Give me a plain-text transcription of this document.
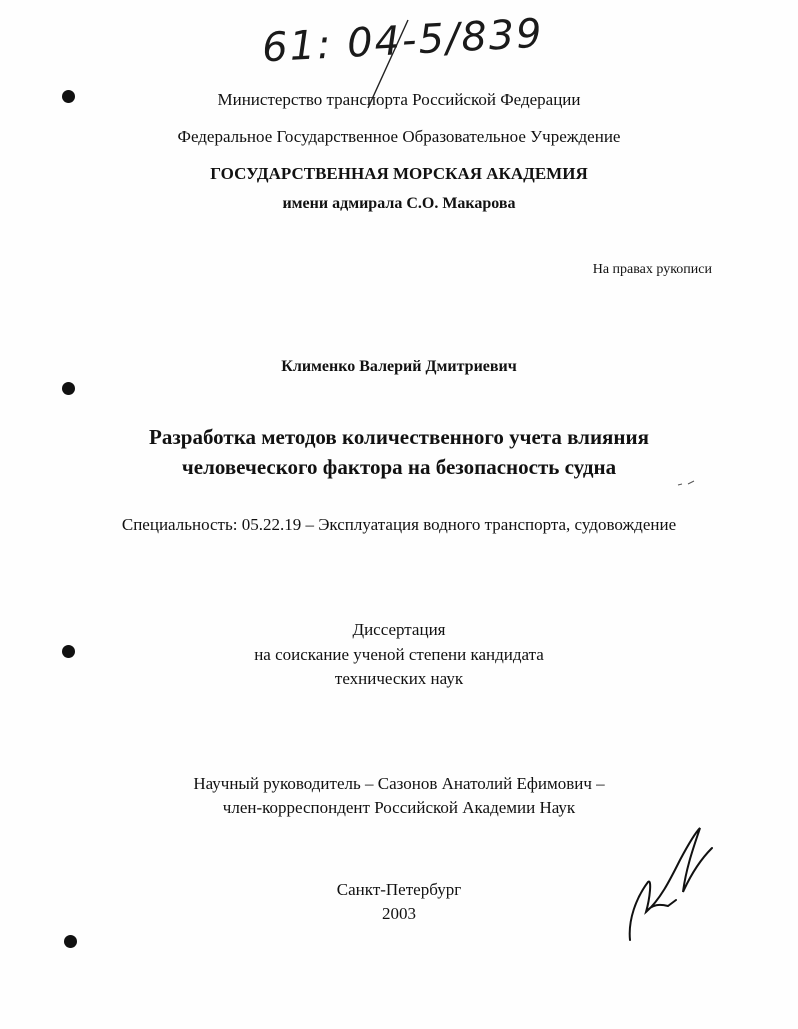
61: 04-5/839
Министерство транспорта Российской Федерации
Федеральное Государственное Образовательное Учреждение
ГОСУДАРСТВЕННАЯ МОРСКАЯ АКАДЕМИЯ
имени адмирала С.О. Макарова
На правах рукописи
Клименко Валерий Дмитриевич
Разработка методов количественного учета влияния
человеческого фактора на безопасность судна
Специальность: 05.22.19 – Эксплуатация водного транспорта, судовождение
Диссертация
на соискание ученой степени кандидата
технических наук
Научный руководитель – Сазонов Анатолий Ефимович –
член-корреспондент Российской Академии Наук
Санкт-Петербург
2003
